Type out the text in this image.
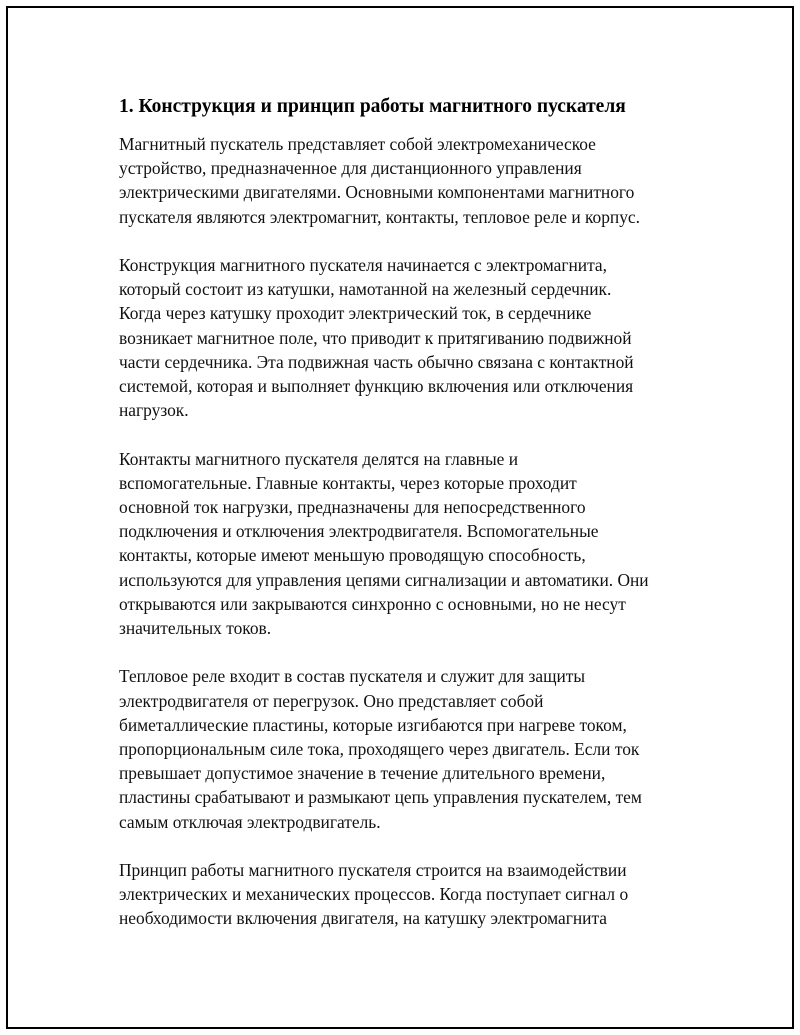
1. Конструкция и принцип работы магнитного пускателя

Магнитный пускатель представляет собой электромеханическое
устройство, предназначенное для дистанционного управления
электрическими двигателями. Основными компонентами магнитного
пускателя являются электромагнит, контакты, тепловое реле и корпус.

Конструкция магнитного пускателя начинается с электромагнита,
который состоит из катушки, намотанной на железный сердечник.
Когда через катушку проходит электрический ток, в сердечнике
возникает магнитное поле, что приводит к притягиванию подвижной
части сердечника. Эта подвижная часть обычно связана с контактной
системой, которая и выполняет функцию включения или отключения
нагрузок.

Контакты магнитного пускателя делятся на главные и
вспомогательные. Главные контакты, через которые проходит
основной ток нагрузки, предназначены для непосредственного
подключения и отключения электродвигателя. Вспомогательные
контакты, которые имеют меньшую проводящую способность,
используются для управления цепями сигнализации и автоматики. Они
открываются или закрываются синхронно с основными, но не несут
значительных токов.

Тепловое реле входит в состав пускателя и служит для защиты
электродвигателя от перегрузок. Оно представляет собой
биметаллические пластины, которые изгибаются при нагреве током,
пропорциональным силе тока, проходящего через двигатель. Если ток
превышает допустимое значение в течение длительного времени,
пластины срабатывают и размыкают цепь управления пускателем, тем
самым отключая электродвигатель.

Принцип работы магнитного пускателя строится на взаимодействии
электрических и механических процессов. Когда поступает сигнал о
необходимости включения двигателя, на катушку электромагнита
